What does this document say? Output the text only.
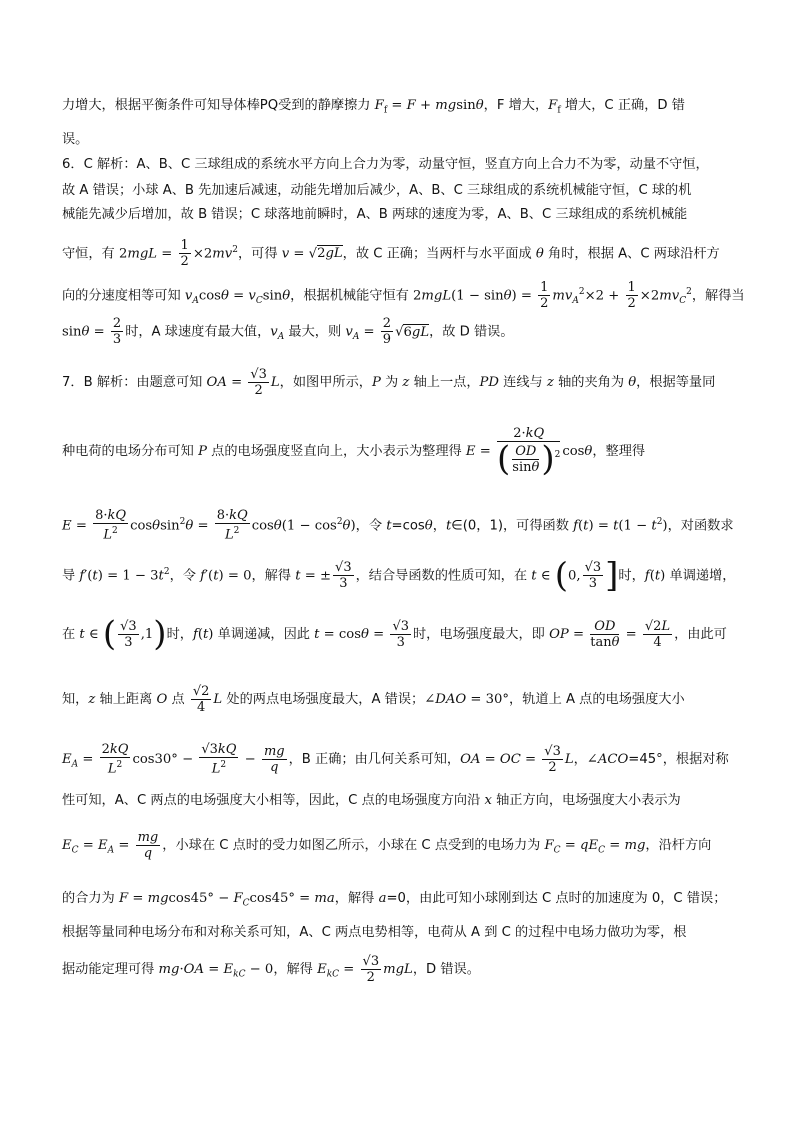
力增大，根据平衡条件可知导体棒PQ受到的静摩擦力 $F_f = F + mgsin\theta$，F 增大，$F_f$ 增大，C 正确，D 错
误。
6．C 解析：A、B、C 三球组成的系统水平方向上合力为零，动量守恒，竖直方向上合力不为零，动量不守恒，
故 A 错误；小球 A、B 先加速后减速，动能先增加后减少，A、B、C 三球组成的系统机械能守恒，C 球的机
械能先减少后增加，故 B 错误；C 球落地前瞬时，A、B 两球的速度为零，A、B、C 三球组成的系统机械能
守恒，有 $2mgL = \frac{1}{2} \times 2mv^2$，可得 v = √2gL，故 C 正确；当两杆与水平面成 θ 角时，根据 A、C 两球沿杆方
向的分速度相等可知 $v_A\cos\theta = v_C\sin\theta$，根据机械能守恒有 $2mgL(1 - \sin\theta) = \frac{1}{2} mv_A^2\times 2 + \frac{1}{2} \times 2mv_C^2$，解得当
$\sin\theta = \frac{2}{3}$ 时，A 球速度有最大值，$v_A$ 最大，则 $v_A = \frac{2}{9} √6gL$，故 D 错误。
7．B 解析：由题意可知 OA = $\frac{√3}{2}$ L，如图甲所示，P 为 z 轴上一点，PD 连线与 z 轴的夹角为 θ，根据等量同
种电荷的电场分布可知 P 点的电场强度竖直向上，大小表示为整理得 $E = \frac{2\cdot kQ}{( \frac{OD}{\sin\theta} )^2}$ cosθ，整理得
$E = \frac{8\cdot kQ}{L^2} \cos\theta\sin^2\theta = \frac{8\cdot kQ}{L^2} \cos\theta(1 - \cos^2\theta)$，令 t=cosθ，t∈(0，1)，可得函数 $f(t) = t(1 - t^2)$，对函数求
导 $f'(t) = 1 - 3t^2$，令 f′(t) = 0，解得 t = ± $\frac{√3}{3}$ ，结合导函数的性质可知，在 t ∈ (0, $\frac{√3}{3}$ ]时，f(t) 单调递增，
在 t ∈ ( $\frac{√3}{3} ,1$)时，f(t) 单调递减，因此 $t = \cos\theta = \frac{√3}{3}$ 时，电场强度最大，即 OP = $\frac{OD}{\tan\theta} = \frac{√2L}{4}$ ，由此可
知，z 轴上距离 O 点 $\frac{√2}{4}$ L 处的两点电场强度最大，A 错误；∠DAO = 30°，轨道上 A 点的电场强度大小
$E_A = \frac{2kQ}{L^2} \cos 30^\circ - \frac{√3kQ}{L^2} - \frac{mg}{q}$ ，B 正确；由几何关系可知，OA = OC = $\frac{√3}{2}$ L，∠ACO=45°，根据对称
性可知，A、C 两点的电场强度大小相等，因此，C 点的电场强度方向沿 x 轴正方向，电场强度大小表示为
$E_C = E_A = \frac{mg}{q}$ ，小球在 C 点时的受力如图乙所示，小球在 C 点受到的电场力为 $F_C = qE_C$ = mg，沿杆方向
的合力为 $F = mgcos45^\circ - F_C\cos 45^\circ$ = ma，解得 a=0，由此可知小球刚到达 C 点时的加速度为 0，C 错误；
根据等量同种电场分布和对称关系可知，A、C 两点电势相等，电荷从 A 到 C 的过程中电场力做功为零，根
据动能定理可得 $mg\cdot OA = E_{kC} - 0$，解得 $E_{kC} = \frac{√3}{2}$ mgL，D 错误。
